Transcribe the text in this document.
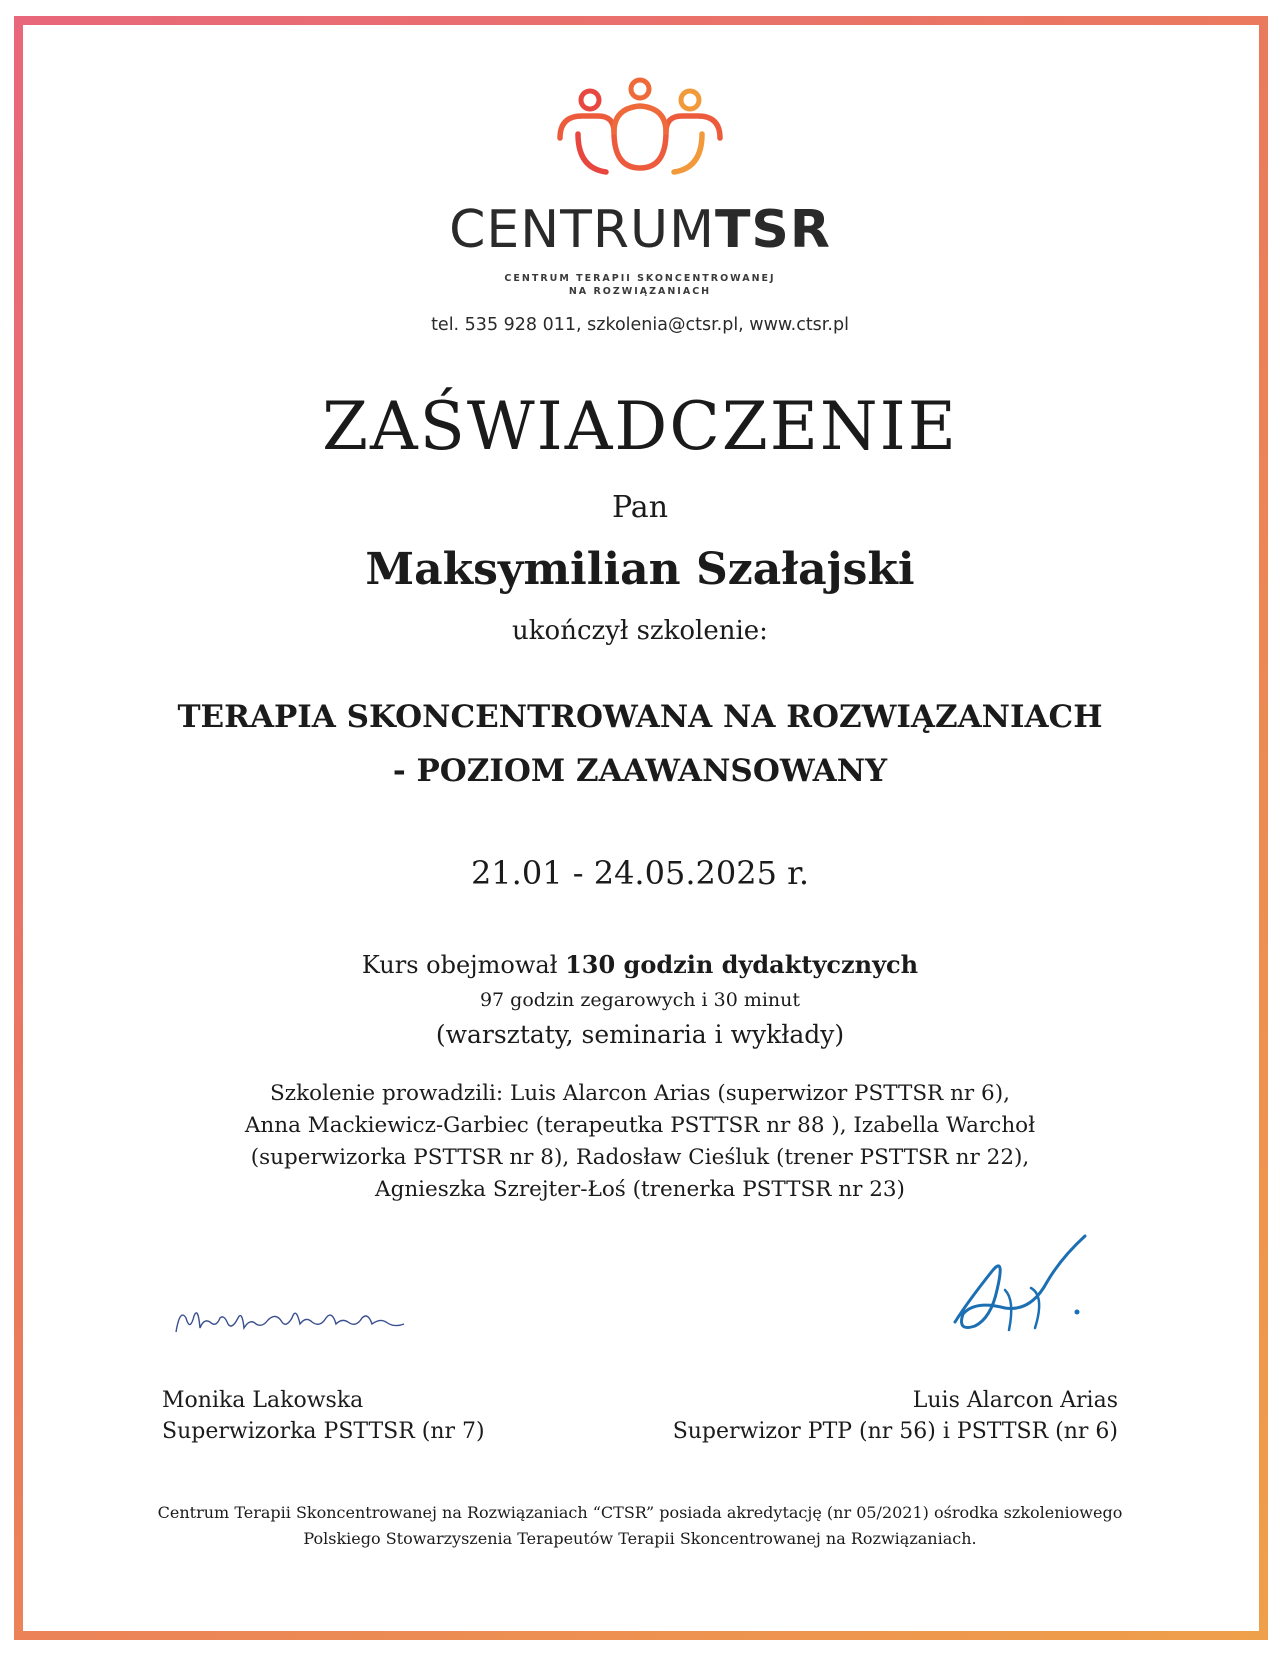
CENTRUMTSR
CENTRUM TERAPII SKONCENTROWANEJ
NA ROZWIĄZANIACH
tel. 535 928 011, szkolenia@ctsr.pl, www.ctsr.pl
ZAŚWIADCZENIE
Pan
Maksymilian Szałajski
ukończył szkolenie:
TERAPIA SKONCENTROWANA NA ROZWIĄZANIACH
- POZIOM ZAAWANSOWANY
21.01 - 24.05.2025 r.
Kurs obejmował 130 godzin dydaktycznych
97 godzin zegarowych i 30 minut
(warsztaty, seminaria i wykłady)
Szkolenie prowadzili: Luis Alarcon Arias (superwizor PSTTSR nr 6),
Anna Mackiewicz-Garbiec (terapeutka PSTTSR nr 88 ), Izabella Warchoł
(superwizorka PSTTSR nr 8), Radosław Cieśluk (trener PSTTSR nr 22),
Agnieszka Szrejter-Łoś (trenerka PSTTSR nr 23)
Monika Lakowska
Superwizorka PSTTSR (nr 7)
Luis Alarcon Arias
Superwizor PTP (nr 56) i PSTTSR (nr 6)
Centrum Terapii Skoncentrowanej na Rozwiązaniach “CTSR” posiada akredytację (nr 05/2021) ośrodka szkoleniowego
Polskiego Stowarzyszenia Terapeutów Terapii Skoncentrowanej na Rozwiązaniach.
